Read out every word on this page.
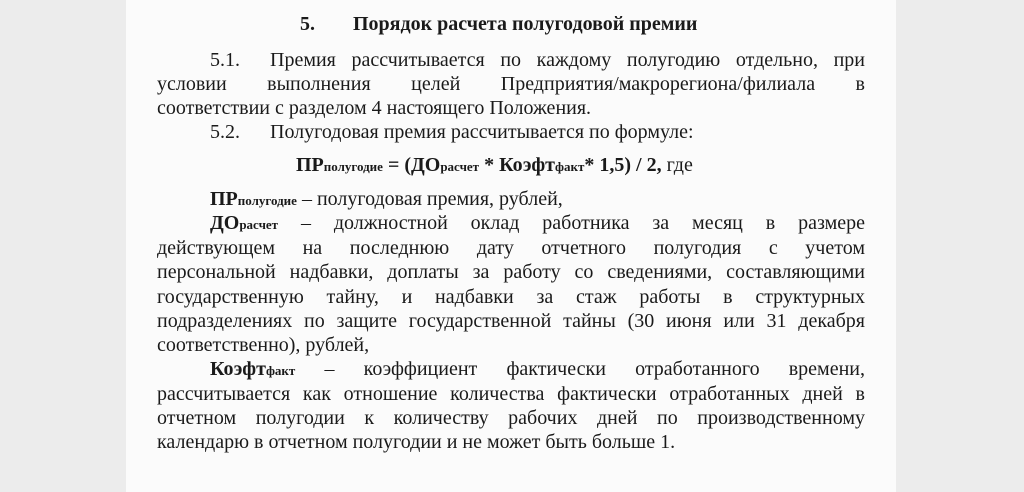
5. Порядок расчета полугодовой премии
5.1. Премия рассчитывается по каждому полугодию отдельно, при
условии выполнения целей Предприятия/макрорегиона/филиала в
соответствии с разделом 4 настоящего Положения.
5.2. Полугодовая премия рассчитывается по формуле:
ПРполугодие = (ДОрасчет * Коэфтфакт* 1,5) / 2, где
ПРполугодие – полугодовая премия, рублей,
ДОрасчет – должностной оклад работника за месяц в размере
действующем на последнюю дату отчетного полугодия с учетом
персональной надбавки, доплаты за работу со сведениями, составляющими
государственную тайну, и надбавки за стаж работы в структурных
подразделениях по защите государственной тайны (30 июня или 31 декабря
соответственно), рублей,
Коэфтфакт – коэффициент фактически отработанного времени,
рассчитывается как отношение количества фактически отработанных дней в
отчетном полугодии к количеству рабочих дней по производственному
календарю в отчетном полугодии и не может быть больше 1.
